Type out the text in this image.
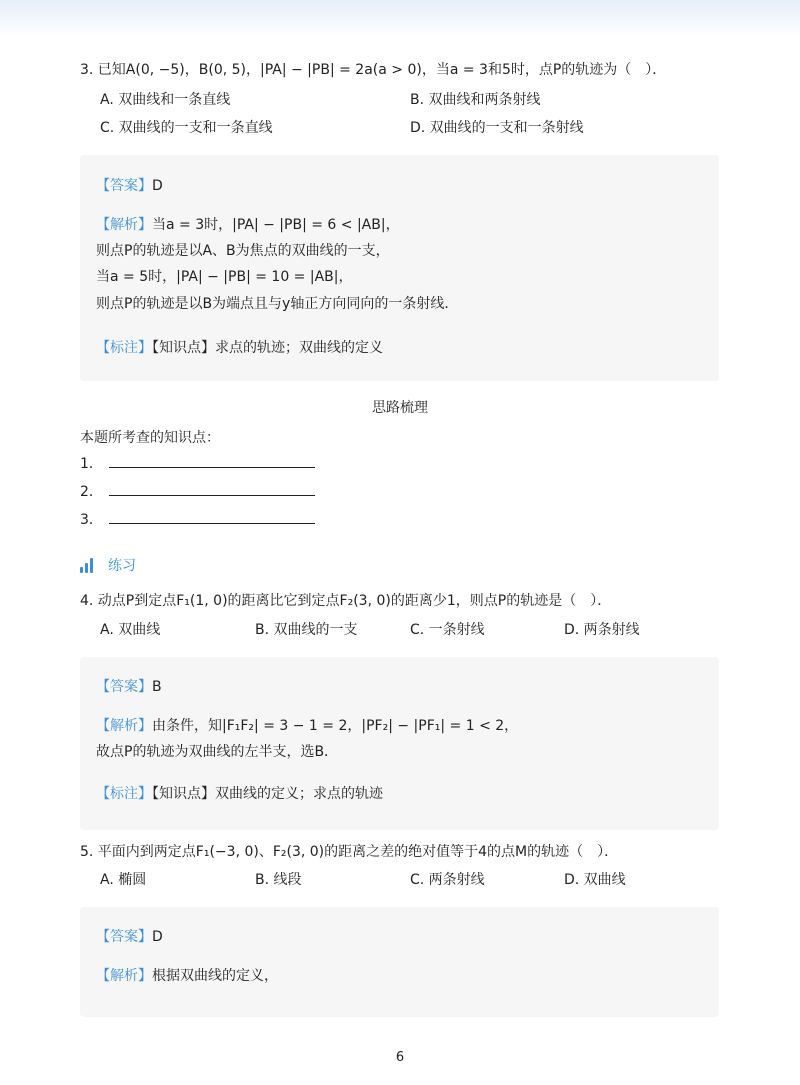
3. 已知A(0, −5)，B(0, 5)，|PA| − |PB| = 2a(a > 0)，当a = 3和5时，点P的轨迹为（　）．
A. 双曲线和一条直线	B. 双曲线和两条射线
C. 双曲线的一支和一条直线	D. 双曲线的一支和一条射线
【答案】D
【解析】当a = 3时，|PA| − |PB| = 6 < |AB|，
则点P的轨迹是以A、B为焦点的双曲线的一支，
当a = 5时，|PA| − |PB| = 10 = |AB|，
则点P的轨迹是以B为端点且与y轴正方向同向的一条射线．
【标注】【知识点】求点的轨迹；双曲线的定义
思路梳理
本题所考查的知识点：
1．
2．
3．
练习
4. 动点P到定点F₁(1, 0)的距离比它到定点F₂(3, 0)的距离少1，则点P的轨迹是（　）．
A. 双曲线	B. 双曲线的一支	C. 一条射线	D. 两条射线
【答案】B
【解析】由条件，知|F₁F₂| = 3 − 1 = 2，|PF₂| − |PF₁| = 1 < 2，
故点P的轨迹为双曲线的左半支，选B．
【标注】【知识点】双曲线的定义；求点的轨迹
5. 平面内到两定点F₁(−3, 0)、F₂(3, 0)的距离之差的绝对值等于4的点M的轨迹（　）．
A. 椭圆	B. 线段	C. 两条射线	D. 双曲线
【答案】D
【解析】根据双曲线的定义，
6
